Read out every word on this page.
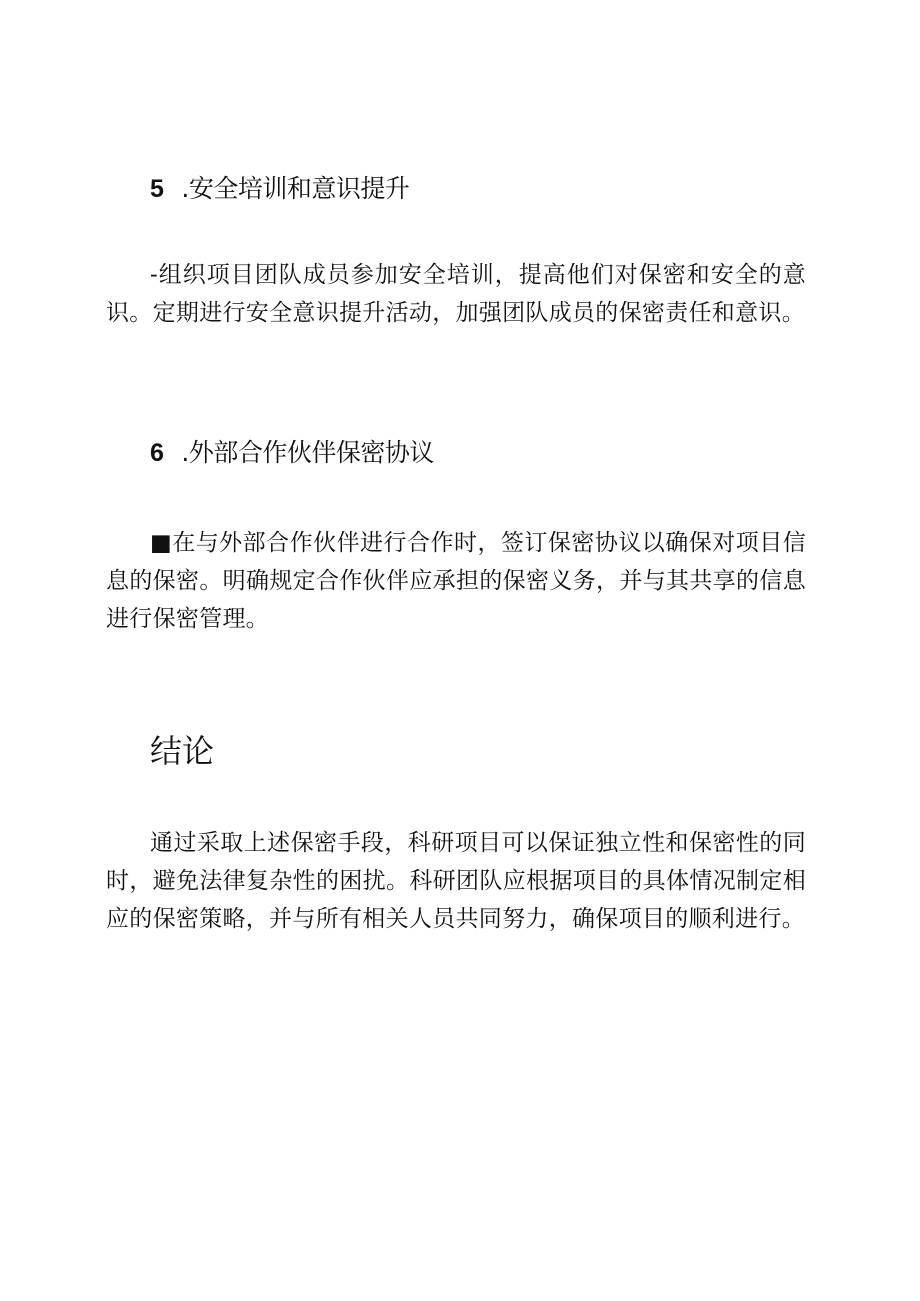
5 .安全培训和意识提升

-组织项目团队成员参加安全培训，提高他们对保密和安全的意识。定期进行安全意识提升活动，加强团队成员的保密责任和意识。

6 .外部合作伙伴保密协议

■在与外部合作伙伴进行合作时，签订保密协议以确保对项目信息的保密。明确规定合作伙伴应承担的保密义务，并与其共享的信息进行保密管理。

结论

通过采取上述保密手段，科研项目可以保证独立性和保密性的同时，避免法律复杂性的困扰。科研团队应根据项目的具体情况制定相应的保密策略，并与所有相关人员共同努力，确保项目的顺利进行。
